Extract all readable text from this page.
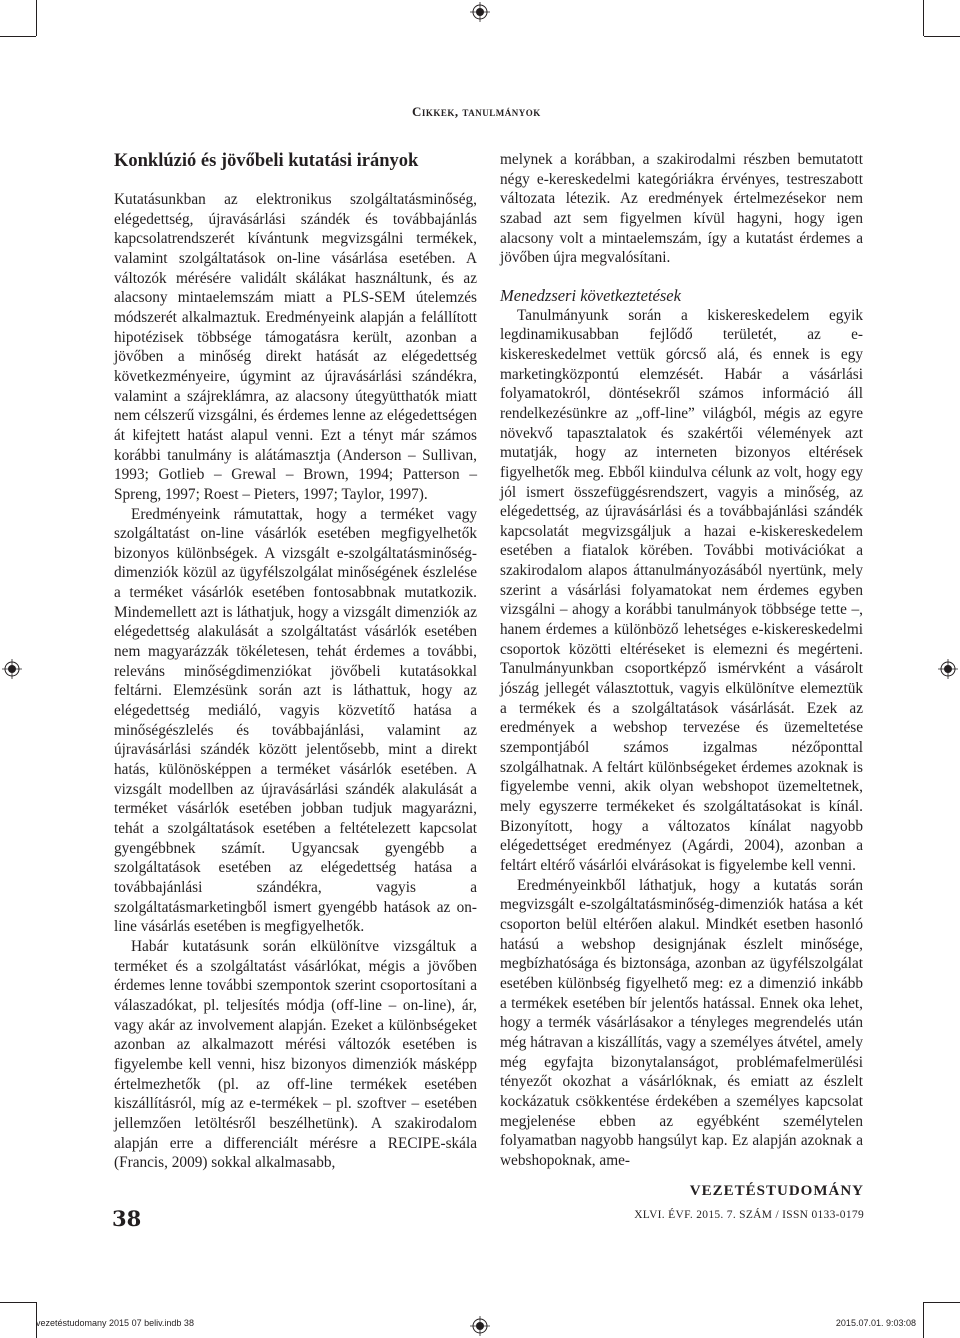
Cikkek, tanulmányok
Konklúzió és jövőbeli kutatási irányok

Kutatásunkban az elektronikus szolgáltatásminőség, elégedettség, újravásárlási szándék és továbbajánlás kapcsolatrendszerét kívántunk megvizsgálni termékek, valamint szolgáltatások on-line vásárlása esetében. A változók mérésére validált skálákat használtunk, és az alacsony mintaelemszám miatt a PLS-SEM útelemzés módszerét alkalmaztuk. Eredményeink alapján a felállított hipotézisek többsége támogatásra került, azonban a jövőben a minőség direkt hatását az elégedettség következményeire, úgymint az újravásárlási szándékra, valamint a szájreklámra, az alacsony útegyütthatók miatt nem célszerű vizsgálni, és érdemes lenne az elégedettségen át kifejtett hatást alapul venni. Ezt a tényt már számos korábbi tanulmány is alátámasztja (Anderson – Sullivan, 1993; Gotlieb – Grewal – Brown, 1994; Patterson – Spreng, 1997; Roest – Pieters, 1997; Taylor, 1997).

Eredményeink rámutattak, hogy a terméket vagy szolgáltatást on-line vásárlók esetében megfigyelhetők bizonyos különbségek. A vizsgált e-szolgáltatásminőség-dimenziók közül az ügyfélszolgálat minőségének észlelése a terméket vásárlók esetében fontosabbnak mutatkozik. Mindemellett azt is láthatjuk, hogy a vizsgált dimenziók az elégedettség alakulását a szolgáltatást vásárlók esetében nem magyarázzák tökéletesen, tehát érdemes a további, releváns minőségdimenziókat jövőbeli kutatásokkal feltárni. Elemzésünk során azt is láthattuk, hogy az elégedettség mediáló, vagyis közvetítő hatása a minőségészlelés és továbbajánlási, valamint az újravásárlási szándék között jelentősebb, mint a direkt hatás, különösképpen a terméket vásárlók esetében. A vizsgált modellben az újravásárlási szándék alakulását a terméket vásárlók esetében jobban tudjuk magyarázni, tehát a szolgáltatások esetében a feltételezett kapcsolat gyengébbnek számít. Ugyancsak gyengébb a szolgáltatások esetében az elégedettség hatása a továbbajánlási szándékra, vagyis a szolgáltatásmarketingből ismert gyengébb hatások az on-line vásárlás esetében is megfigyelhetők.

Habár kutatásunk során elkülönítve vizsgáltuk a terméket és a szolgáltatást vásárlókat, mégis a jövőben érdemes lenne további szempontok szerint csoportosítani a válaszadókat, pl. teljesítés módja (off-line – on-line), ár, vagy akár az involvement alapján. Ezeket a különbségeket azonban az alkalmazott mérési változók esetében is figyelembe kell venni, hisz bizonyos dimenziók másképp értelmezhetők (pl. az off-line termékek esetében kiszállításról, míg az e-termékek – pl. szoftver – esetében jellemzően letöltésről beszélhetünk). A szakirodalom alapján erre a differenciált mérésre a RECIPE-skála (Francis, 2009) sokkal alkalmasabb,

melynek a korábban, a szakirodalmi részben bemutatott négy e-kereskedelmi kategóriákra érvényes, testreszabott változata létezik. Az eredmények értelmezésekor nem szabad azt sem figyelmen kívül hagyni, hogy igen alacsony volt a mintaelemszám, így a kutatást érdemes a jövőben újra megvalósítani.

Menedzseri következtetések

Tanulmányunk során a kiskereskedelem egyik legdinamikusabban fejlődő területét, az e-kiskereskedelmet vettük górcső alá, és ennek is egy marketingközpontú elemzését. Habár a vásárlási folyamatokról, döntésekről számos információ áll rendelkezésünkre az „off-line” világból, mégis az egyre növekvő tapasztalatok és szakértői vélemények azt mutatják, hogy az interneten bizonyos eltérések figyelhetők meg. Ebből kiindulva célunk az volt, hogy egy jól ismert összefüggésrendszert, vagyis a minőség, az elégedettség, az újravásárlási és a továbbajánlási szándék kapcsolatát megvizsgáljuk a hazai e-kiskereskedelem esetében a fiatalok körében. További motivációkat a szakirodalom alapos áttanulmányozásából nyertünk, mely szerint a vásárlási folyamatokat nem érdemes egyben vizsgálni – ahogy a korábbi tanulmányok többsége tette –, hanem érdemes a különböző lehetséges e-kiskereskedelmi csoportok közötti eltéréseket is elemezni és megérteni. Tanulmányunkban csoportképző ismérvként a vásárolt jószág jellegét választottuk, vagyis elkülönítve elemeztük a termékek és a szolgáltatások vásárlását. Ezek az eredmények a webshop tervezése és üzemeltetése szempontjából számos izgalmas nézőponttal szolgálhatnak. A feltárt különbségeket érdemes azoknak is figyelembe venni, akik olyan webshopot üzemeltetnek, mely egyszerre termékeket és szolgáltatásokat is kínál. Bizonyított, hogy a változatos kínálat nagyobb elégedettséget eredményez (Agárdi, 2004), azonban a feltárt eltérő vásárlói elvárásokat is figyelembe kell venni.

Eredményeinkből láthatjuk, hogy a kutatás során megvizsgált e-szolgáltatásminőség-dimenziók hatása a két csoporton belül eltérően alakul. Mindkét esetben hasonló hatású a webshop designjának észlelt minősége, megbízhatósága és biztonsága, azonban az ügyfélszolgálat esetében különbség figyelhető meg: ez a dimenzió inkább a termékek esetében bír jelentős hatással. Ennek oka lehet, hogy a termék vásárlásakor a tényleges megrendelés után még hátravan a kiszállítás, vagy a személyes átvétel, amely még egyfajta bizonytalanságot, problémafelmerülési tényezőt okozhat a vásárlóknak, és emiatt az észlelt kockázatuk csökkentése érdekében a személyes kapcsolat megjelenése ebben az egyébként személytelen folyamatban nagyobb hangsúlyt kap. Ez alapján azoknak a webshopoknak, ame-

38
VEZETÉSTUDOMÁNY
XLVI. ÉVF. 2015. 7. SZÁM / ISSN 0133-0179
vezetéstudomany 2015 07 beliv.indb 38	2015.07.01. 9:03:08
